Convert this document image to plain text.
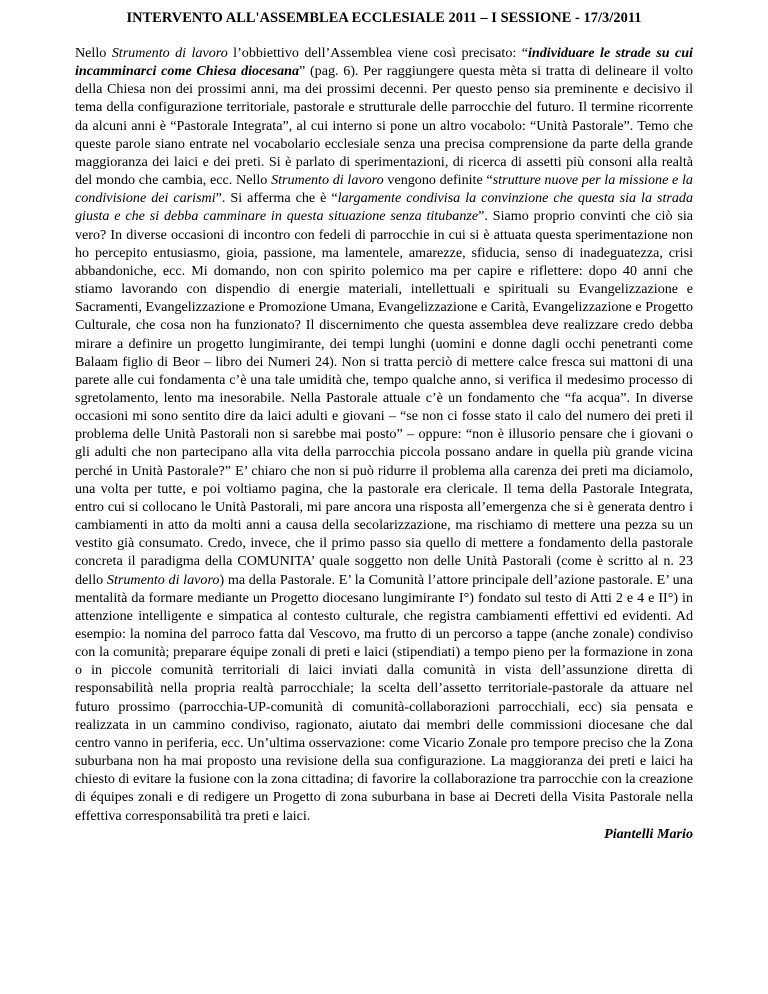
INTERVENTO ALL'ASSEMBLEA ECCLESIALE 2011 – I SESSIONE - 17/3/2011

Nello Strumento di lavoro l’obbiettivo dell’Assemblea viene così precisato: “individuare le strade su cui incamminarci come Chiesa diocesana” (pag. 6). Per raggiungere questa mèta si tratta di delineare il volto della Chiesa non dei prossimi anni, ma dei prossimi decenni. Per questo penso sia preminente e decisivo il tema della configurazione territoriale, pastorale e strutturale delle parrocchie del futuro. Il termine ricorrente da alcuni anni è “Pastorale Integrata”, al cui interno si pone un altro vocabolo: “Unità Pastorale”. Temo che queste parole siano entrate nel vocabolario ecclesiale senza una precisa comprensione da parte della grande maggioranza dei laici e dei preti. Si è parlato di sperimentazioni, di ricerca di assetti più consoni alla realtà del mondo che cambia, ecc. Nello Strumento di lavoro vengono definite “strutture nuove per la missione e la condivisione dei carismi”. Si afferma che è “largamente condivisa la convinzione che questa sia la strada giusta e che si debba camminare in questa situazione senza titubanze”. Siamo proprio convinti che ciò sia vero? In diverse occasioni di incontro con fedeli di parrocchie in cui si è attuata questa sperimentazione non ho percepito entusiasmo, gioia, passione, ma lamentele, amarezze, sfiducia, senso di inadeguatezza, crisi abbandoniche, ecc. Mi domando, non con spirito polemico ma per capire e riflettere: dopo 40 anni che stiamo lavorando con dispendio di energie materiali, intellettuali e spirituali su Evangelizzazione e Sacramenti, Evangelizzazione e Promozione Umana, Evangelizzazione e Carità, Evangelizzazione e Progetto Culturale, che cosa non ha funzionato? Il discernimento che questa assemblea deve realizzare credo debba mirare a definire un progetto lungimirante, dei tempi lunghi (uomini e donne dagli occhi penetranti come Balaam figlio di Beor – libro dei Numeri 24). Non si tratta perciò di mettere calce fresca sui mattoni di una parete alle cui fondamenta c’è una tale umidità che, tempo qualche anno, si verifica il medesimo processo di sgretolamento, lento ma inesorabile. Nella Pastorale attuale c’è un fondamento che “fa acqua”. In diverse occasioni mi sono sentito dire da laici adulti e giovani – “se non ci fosse stato il calo del numero dei preti il problema delle Unità Pastorali non si sarebbe mai posto” – oppure: “non è illusorio pensare che i giovani o gli adulti che non partecipano alla vita della parrocchia piccola possano andare in quella più grande vicina perché in Unità Pastorale?” E’ chiaro che non si può ridurre il problema alla carenza dei preti ma diciamolo, una volta per tutte, e poi voltiamo pagina, che la pastorale era clericale. Il tema della Pastorale Integrata, entro cui si collocano le Unità Pastorali, mi pare ancora una risposta all’emergenza che si è generata dentro i cambiamenti in atto da molti anni a causa della secolarizzazione, ma rischiamo di mettere una pezza su un vestito già consumato. Credo, invece, che il primo passo sia quello di mettere a fondamento della pastorale concreta il paradigma della COMUNITA’ quale soggetto non delle Unità Pastorali (come è scritto al n. 23 dello Strumento di lavoro) ma della Pastorale. E’ la Comunità l’attore principale dell’azione pastorale. E’ una mentalità da formare mediante un Progetto diocesano lungimirante I°) fondato sul testo di Atti 2 e 4 e II°) in attenzione intelligente e simpatica al contesto culturale, che registra cambiamenti effettivi ed evidenti. Ad esempio: la nomina del parroco fatta dal Vescovo, ma frutto di un percorso a tappe (anche zonale) condiviso con la comunità; preparare équipe zonali di preti e laici (stipendiati) a tempo pieno per la formazione in zona o in piccole comunità territoriali di laici inviati dalla comunità in vista dell’assunzione diretta di responsabilità nella propria realtà parrocchiale; la scelta dell’assetto territoriale-pastorale da attuare nel futuro prossimo (parrocchia-UP-comunità di comunità-collaborazioni parrocchiali, ecc) sia pensata e realizzata in un cammino condiviso, ragionato, aiutato dai membri delle commissioni diocesane che dal centro vanno in periferia, ecc. Un’ultima osservazione: come Vicario Zonale pro tempore preciso che la Zona suburbana non ha mai proposto una revisione della sua configurazione. La maggioranza dei preti e laici ha chiesto di evitare la fusione con la zona cittadina; di favorire la collaborazione tra parrocchie con la creazione di équipes zonali e di redigere un Progetto di zona suburbana in base ai Decreti della Visita Pastorale nella effettiva corresponsabilità tra preti e laici.

Piantelli Mario
